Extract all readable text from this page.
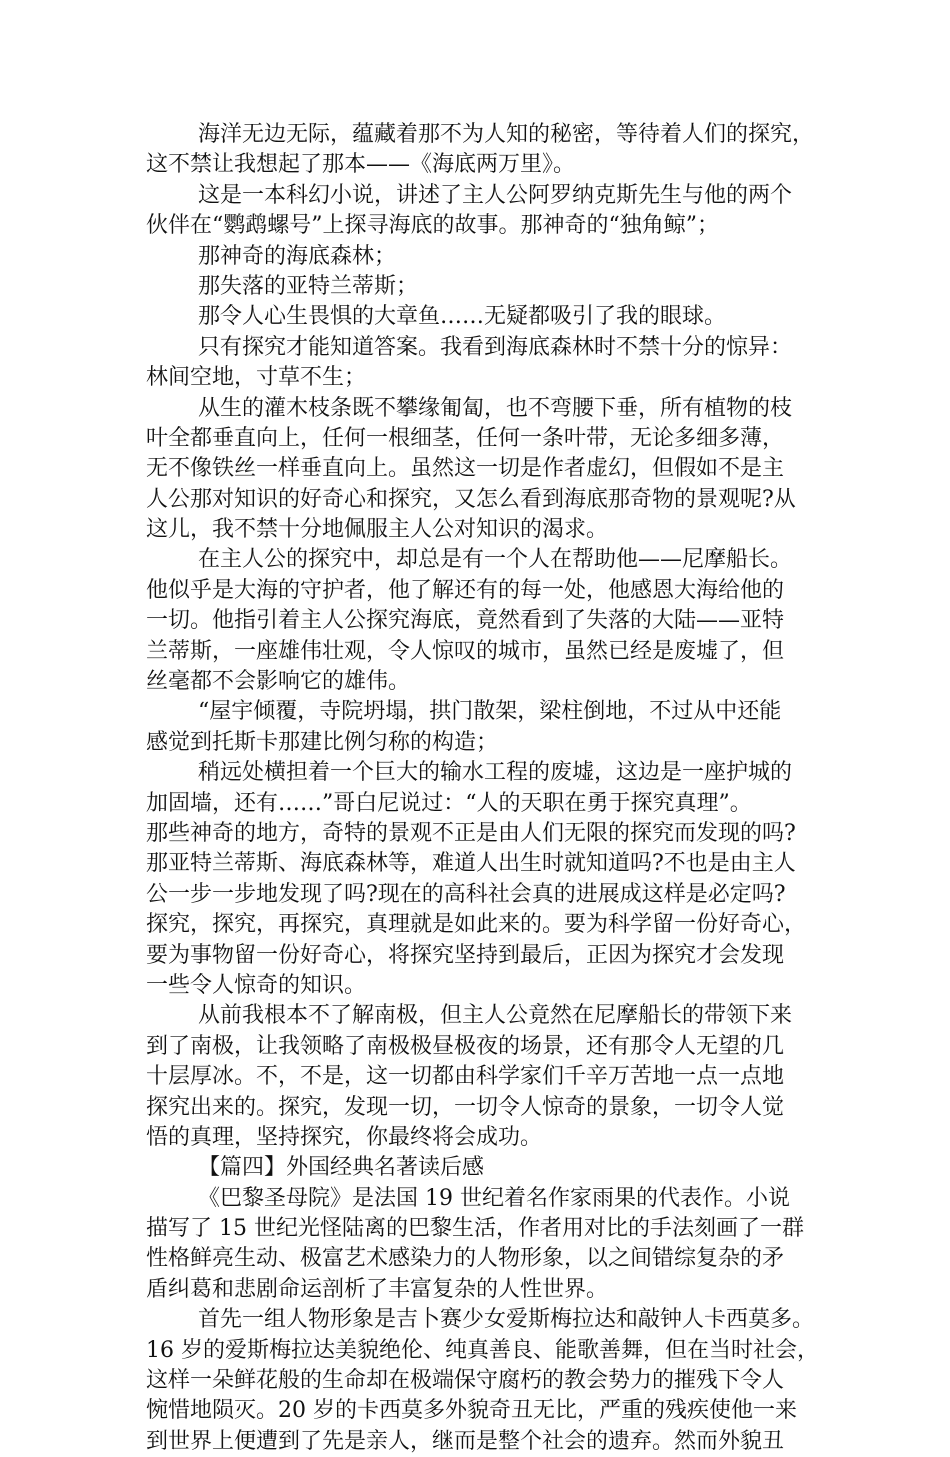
海洋无边无际，蕴藏着那不为人知的秘密，等待着人们的探究，
这不禁让我想起了那本——《海底两万里》。
这是一本科幻小说，讲述了主人公阿罗纳克斯先生与他的两个
伙伴在“鹦鹉螺号”上探寻海底的故事。那神奇的“独角鲸”；
那神奇的海底森林；
那失落的亚特兰蒂斯；
那令人心生畏惧的大章鱼……无疑都吸引了我的眼球。
只有探究才能知道答案。我看到海底森林时不禁十分的惊异：
林间空地，寸草不生；
从生的灌木枝条既不攀缘匍匐，也不弯腰下垂，所有植物的枝
叶全都垂直向上，任何一根细茎，任何一条叶带，无论多细多薄，
无不像铁丝一样垂直向上。虽然这一切是作者虚幻，但假如不是主
人公那对知识的好奇心和探究，又怎么看到海底那奇物的景观呢?从
这儿，我不禁十分地佩服主人公对知识的渴求。
在主人公的探究中，却总是有一个人在帮助他——尼摩船长。
他似乎是大海的守护者，他了解还有的每一处，他感恩大海给他的
一切。他指引着主人公探究海底，竟然看到了失落的大陆——亚特
兰蒂斯，一座雄伟壮观，令人惊叹的城市，虽然已经是废墟了，但
丝毫都不会影响它的雄伟。
“屋宇倾覆，寺院坍塌，拱门散架，梁柱倒地，不过从中还能
感觉到托斯卡那建比例匀称的构造；
稍远处横担着一个巨大的输水工程的废墟，这边是一座护城的
加固墙，还有……”哥白尼说过：“人的天职在勇于探究真理”。
那些神奇的地方，奇特的景观不正是由人们无限的探究而发现的吗?
那亚特兰蒂斯、海底森林等，难道人出生时就知道吗?不也是由主人
公一步一步地发现了吗?现在的高科社会真的进展成这样是必定吗?
探究，探究，再探究，真理就是如此来的。要为科学留一份好奇心，
要为事物留一份好奇心，将探究坚持到最后，正因为探究才会发现
一些令人惊奇的知识。
从前我根本不了解南极，但主人公竟然在尼摩船长的带领下来
到了南极，让我领略了南极极昼极夜的场景，还有那令人无望的几
十层厚冰。不，不是，这一切都由科学家们千辛万苦地一点一点地
探究出来的。探究，发现一切，一切令人惊奇的景象，一切令人觉
悟的真理，坚持探究，你最终将会成功。
【篇四】外国经典名著读后感
《巴黎圣母院》是法国 19 世纪着名作家雨果的代表作。小说
描写了 15 世纪光怪陆离的巴黎生活，作者用对比的手法刻画了一群
性格鲜亮生动、极富艺术感染力的人物形象，以之间错综复杂的矛
盾纠葛和悲剧命运剖析了丰富复杂的人性世界。
首先一组人物形象是吉卜赛少女爱斯梅拉达和敲钟人卡西莫多。
16 岁的爱斯梅拉达美貌绝伦、纯真善良、能歌善舞，但在当时社会，
这样一朵鲜花般的生命却在极端保守腐朽的教会势力的摧残下令人
惋惜地陨灭。20 岁的卡西莫多外貌奇丑无比，严重的残疾使他一来
到世界上便遭到了先是亲人，继而是整个社会的遗弃。然而外貌丑
